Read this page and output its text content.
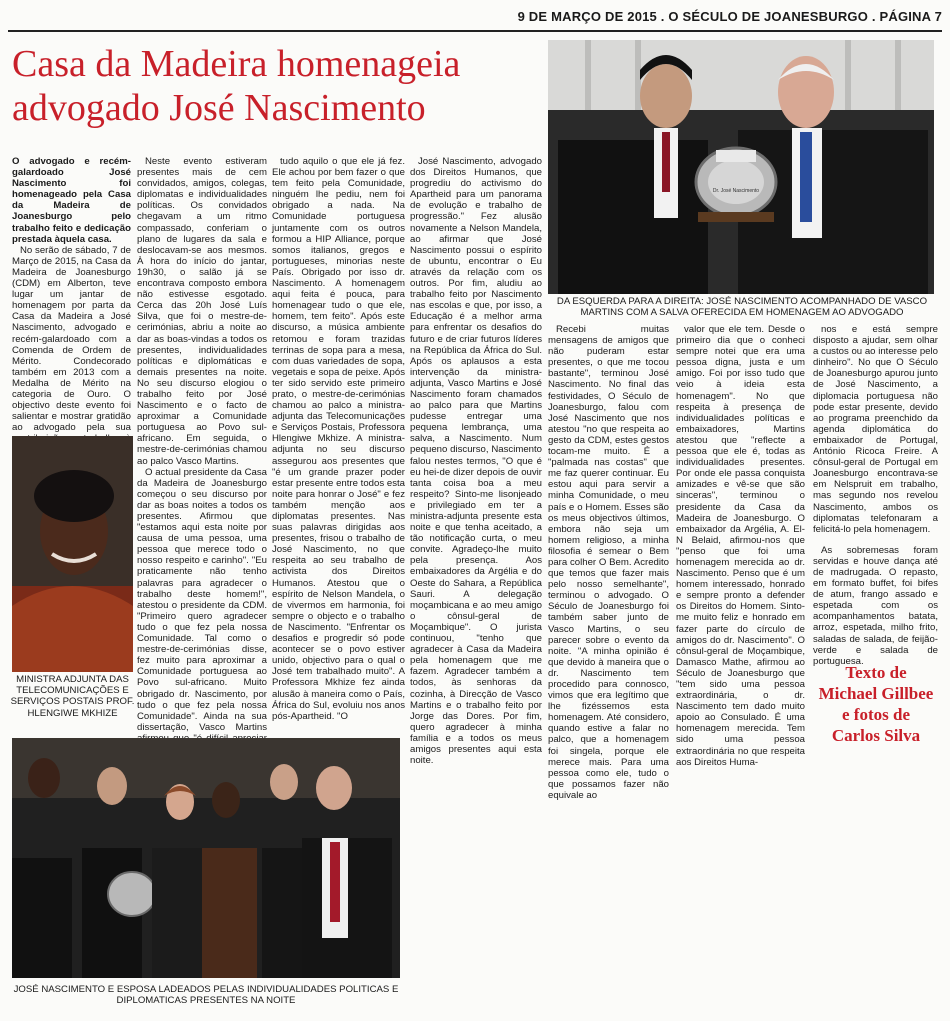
9 DE MARÇO DE 2015 . O SÉCULO DE JOANESBURGO . PÁGINA 7
Casa da Madeira homenageia advogado José Nascimento

O advogado e recém-galardoado José Nascimento foi homenageado pela Casa da Madeira de Joanesburgo pelo trabalho feito e dedicação prestada àquela casa.

No serão de sábado, 7 de Março de 2015, na Casa da Madeira de Joanesburgo (CDM) em Alberton, teve lugar um jantar de homenagem por parta da Casa da Madeira a José Nascimento, advogado e recém-galardoado com a Comenda de Ordem de Mérito. Condecorado também em 2013 com a Medalha de Mérito na categoria de Ouro. O objectivo deste evento foi salientar e mostrar gratidão ao advogado pela sua

MINISTRA ADJUNTA DAS TELECOMUNICAÇÕES E SERVIÇOS POSTAIS PROF. HLENGIWE MKHIZE

Neste evento estiveram presentes mais de cem convidados, amigos, colegas, diplomatas e individualidades políticas. Os convidados chegavam a um ritmo compassado, conferiam o plano de lugares da sala e deslocavam-se aos mesmos. À hora do início do jantar, 19h30, o salão já se encontrava composto embora não estivesse esgotado. Cerca das 20h José Luís Silva, que foi o mestre-de-cerimónias, abriu a noite ao dar as boas-vindas a todos os presentes, individualidades políticas e diplomáticas e demais presentes na noite. No seu discurso elogiou o trabalho feito por José Nascimento e o facto de aproximar a Comunidade portuguesa ao Povo sul-africano. Em seguida, o mestre-de-cerimónias chamou ao palco Vasco Martins.

O actual presidente da Casa da Madeira de Joanesburgo começou o seu discurso por dar as boas noites a todos os presentes. Afirmou que "estamos aqui esta noite por causa de uma pessoa, uma pessoa que merece todo o nosso respeito e carinho". "Eu praticamente não tenho palavras para agradecer o trabalho deste homem!", atestou o presidente da CDM. "Primeiro quero agradecer tudo o que fez pela nossa Comunidade. Tal como o mestre-de-cerimónias disse, fez muito para aproximar a Comunidade portuguesa ao Povo sul-africano. Muito obrigado dr. Nascimento, por tudo o que fez pela nossa Comunidade". Ainda na sua dissertação, Vasco Martins

tudo aquilo o que ele já fez. Ele achou por bem fazer o que tem feito pela Comunidade, ninguém lhe pediu, nem foi obrigado a nada. Na Comunidade portuguesa juntamente com os outros formou a HIP Alliance, porque somos italianos, gregos e portugueses, minorias neste País. Obrigado por isso dr. Nascimento. A homenagem aqui feita é pouca, para homenagear tudo o que ele, homem, tem feito". Após este discurso, a música ambiente retomou e foram trazidas terrinas de sopa para a mesa, com duas variedades de sopa, vegetais e sopa de peixe. Após ter sido servido este primeiro prato, o mestre-de-cerimónias chamou ao palco a ministra-adjunta das Telecomunicações e Serviços Postais, Professora Hlengiwe Mkhize. A ministra-adjunta no seu discurso assegurou aos presentes que "é um grande prazer poder estar presente entre todos esta noite para honrar o José" e fez também menção aos diplomatas presentes. Nas suas palavras dirigidas aos presentes, frisou o trabalho de José Nascimento, no que respeita ao seu trabalho de activista dos Direitos Humanos. Atestou que o espírito de Nelson Mandela, o de vivermos em harmonia, foi sempre o objecto e o trabalho de Nascimento. "Enfrentar os desafios e progredir só pode acontecer se o povo estiver unido, objectivo para o qual o José tem trabalhado muito". A Professora Mkhize fez ainda alusão à maneira como o País, África do Sul, evoluiu nos anos pós-Apartheid. "O

José Nascimento, advogado dos Direitos Humanos, que progrediu do activismo do Apartheid para um panorama de evolução e trabalho de progressão." Fez alusão novamente a Nelson Mandela, ao afirmar que José Nascimento possui o espírito de ubuntu, encontrar o Eu através da relação com os outros. Por fim, aludiu ao trabalho feito por Nascimento nas escolas e que, por isso, a Educação é a melhor arma para enfrentar os desafios do futuro e de criar futuros líderes na República da África do Sul. Após os aplausos a esta intervenção da ministra-adjunta, Vasco Martins e José Nascimento foram chamados ao palco para que Martins pudesse entregar uma pequena lembrança, uma salva, a Nascimento. Num pequeno discurso, Nascimento falou nestes termos, "O que é eu hei-de dizer depois de ouvir tanta coisa boa a meu respeito? Sinto-me lisonjeado e privilegiado em ter a ministra-adjunta presente esta noite e que tenha aceitado, a tão notificação curta, o meu convite. Agradeço-lhe muito pela presença. Aos embaixadores da Argélia e do Oeste do Sahara, a República Sauri. A delegação moçambicana e ao meu amigo o cônsul-geral de Moçambique". O jurista continuou, "tenho que agradecer à Casa da Madeira pela homenagem que me fazem. Agradecer também a todos, às senhoras da cozinha, à Direcção de Vasco Martins e o trabalho feito por Jorge das Dores. Por fim, quero agradecer à minha família e a todos os meus amigos presentes aqui esta noite.

Dr. José Nascimento
DA ESQUERDA PARA A DIREITA: JOSÉ NASCIMENTO ACOMPANHADO DE VASCO MARTINS COM A SALVA OFERECIDA EM HOMENAGEM AO ADVOGADO

Recebi muitas mensagens de amigos que não puderam estar presentes, o que me tocou bastante", terminou José Nascimento. No final das festividades, O Século de Joanesburgo, falou com José Nascimento que nos atestou "no que respeita ao gesto da CDM, estes gestos tocam-me muito. É a "palmada nas costas" que me faz querer continuar. Eu estou aqui para servir a minha Comunidade, o meu país e o Homem. Esses são os meus objectivos últimos, embora não seja um homem religioso, a minha filosofia é semear o Bem para colher O Bem. Acredito que temos que fazer mais pelo nosso semelhante", terminou o advogado. O Século de Joanesburgo foi também saber junto de Vasco Martins, o seu parecer sobre o evento da noite. "A minha opinião é que devido à maneira que o dr. Nascimento tem procedido para connosco, vimos que era legítimo que lhe fizéssemos esta homenagem. Até considero, quando estive a falar no palco, que a homenagem foi singela, porque ele merece mais. Para uma pessoa como ele, tudo o que possamos fazer não equivale ao

valor que ele tem. Desde o primeiro dia que o conheci sempre notei que era uma pessoa digna, justa e um amigo. Foi por isso tudo que veio à ideia esta homenagem". No que respeita à presença de individualidades políticas e embaixadores, Martins atestou que "reflecte a pessoa que ele é, todas as individualidades presentes. Por onde ele passa conquista amizades e vê-se que são sinceras", terminou o presidente da Casa da Madeira de Joanesburgo. O embaixador da Argélia, A. El-N Belaid, afirmou-nos que "penso que foi uma homenagem merecida ao dr. Nascimento. Penso que é um homem interessado, honrado e sempre pronto a defender os Direitos do Homem. Sinto-me muito feliz e honrado em fazer parte do círculo de amigos do dr. Nascimento". O cônsul-geral de Moçambique, Damasco Mathe, afirmou ao Século de Joanesburgo que "tem sido uma pessoa extraordinária, o dr. Nascimento tem dado muito apoio ao Consulado. É uma homenagem merecida. Tem sido uma pessoa extraordinária no que respeita aos Direitos Huma-

nos e está sempre disposto a ajudar, sem olhar a custos ou ao interesse pelo dinheiro". No que O Século de Joanesburgo apurou junto de José Nascimento, a diplomacia portuguesa não pode estar presente, devido ao programa preenchido da agenda diplomática do embaixador de Portugal, António Ricoca Freire. A cônsul-geral de Portugal em Joanesburgo encontrava-se em Nelspruit em trabalho, mas segundo nos revelou Nascimento, ambos os diplomatas telefonaram a felicitá-lo pela homenagem.

As sobremesas foram servidas e houve dança até de madrugada. O repasto, em formato buffet, foi bifes de atum, frango assado e espetada com os acompanhamentos batata, arroz, espetada, milho frito, saladas de salada, de feijão-verde e salada de portuguesa.

Texto de Michael Gillbee e fotos de Carlos Silva
JOSÉ NASCIMENTO E ESPOSA LADEADOS PELAS INDIVIDUALIDADES POLITICAS E DIPLOMATICAS PRESENTES NA NOITE
